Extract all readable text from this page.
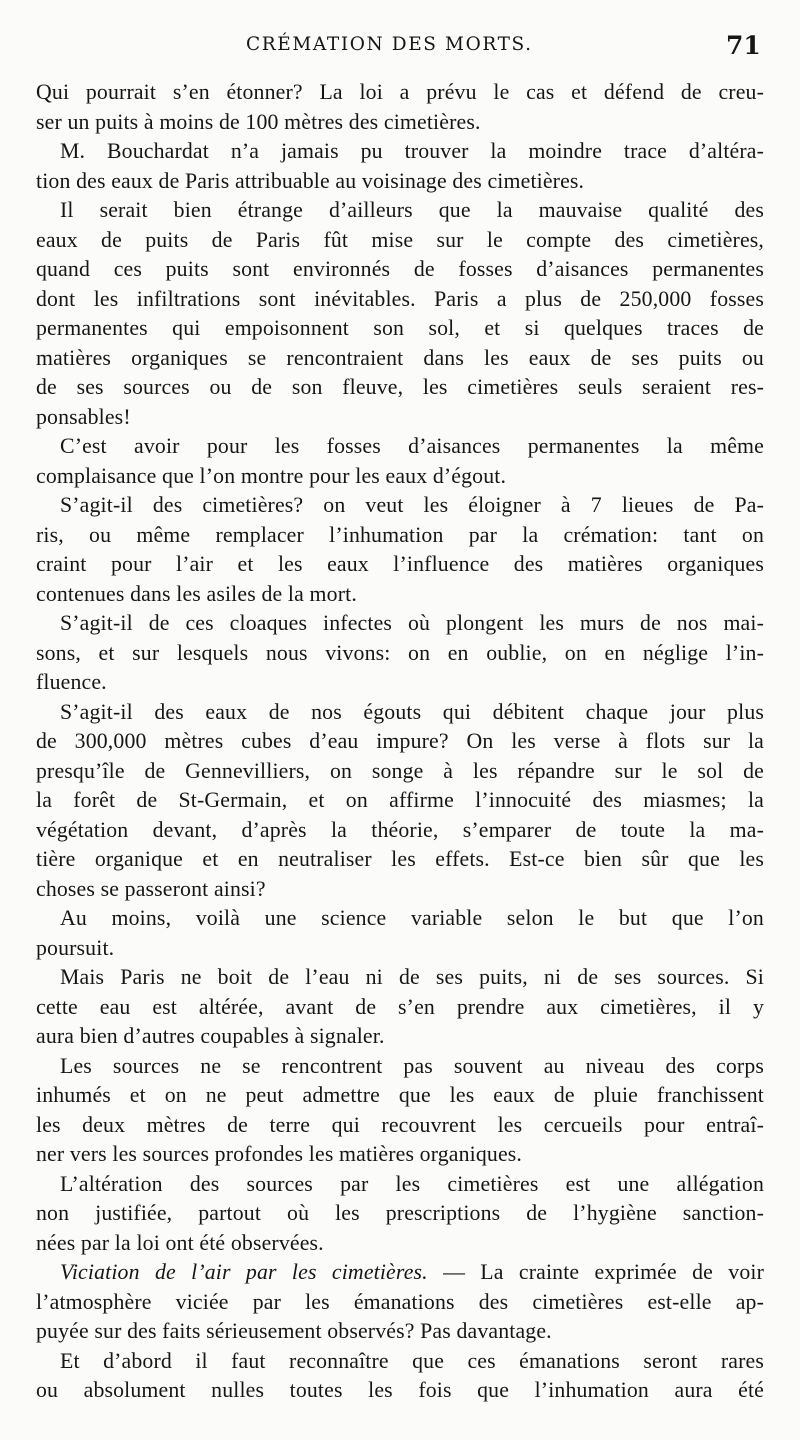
CRÉMATION DES MORTS.	71
Qui pourrait s’en étonner? La loi a prévu le cas et défend de creu-
ser un puits à moins de 100 mètres des cimetières.
M. Bouchardat n’a jamais pu trouver la moindre trace d’altéra-
tion des eaux de Paris attribuable au voisinage des cimetières.
Il serait bien étrange d’ailleurs que la mauvaise qualité des
eaux de puits de Paris fût mise sur le compte des cimetières,
quand ces puits sont environnés de fosses d’aisances permanentes
dont les infiltrations sont inévitables. Paris a plus de 250,000 fosses
permanentes qui empoisonnent son sol, et si quelques traces de
matières organiques se rencontraient dans les eaux de ses puits ou
de ses sources ou de son fleuve, les cimetières seuls seraient res-
ponsables!
C’est avoir pour les fosses d’aisances permanentes la même
complaisance que l’on montre pour les eaux d’égout.
S’agit-il des cimetières? on veut les éloigner à 7 lieues de Pa-
ris, ou même remplacer l’inhumation par la crémation: tant on
craint pour l’air et les eaux l’influence des matières organiques
contenues dans les asiles de la mort.
S’agit-il de ces cloaques infectes où plongent les murs de nos mai-
sons, et sur lesquels nous vivons: on en oublie, on en néglige l’in-
fluence.
S’agit-il des eaux de nos égouts qui débitent chaque jour plus
de 300,000 mètres cubes d’eau impure? On les verse à flots sur la
presqu’île de Gennevilliers, on songe à les répandre sur le sol de
la forêt de St-Germain, et on affirme l’innocuité des miasmes; la
végétation devant, d’après la théorie, s’emparer de toute la ma-
tière organique et en neutraliser les effets. Est-ce bien sûr que les
choses se passeront ainsi?
Au moins, voilà une science variable selon le but que l’on
poursuit.
Mais Paris ne boit de l’eau ni de ses puits, ni de ses sources. Si
cette eau est altérée, avant de s’en prendre aux cimetières, il y
aura bien d’autres coupables à signaler.
Les sources ne se rencontrent pas souvent au niveau des corps
inhumés et on ne peut admettre que les eaux de pluie franchissent
les deux mètres de terre qui recouvrent les cercueils pour entraî-
ner vers les sources profondes les matières organiques.
L’altération des sources par les cimetières est une allégation
non justifiée, partout où les prescriptions de l’hygiène sanction-
nées par la loi ont été observées.
Viciation de l’air par les cimetières. — La crainte exprimée de voir
l’atmosphère viciée par les émanations des cimetières est-elle ap-
puyée sur des faits sérieusement observés? Pas davantage.
Et d’abord il faut reconnaître que ces émanations seront rares
ou absolument nulles toutes les fois que l’inhumation aura été
